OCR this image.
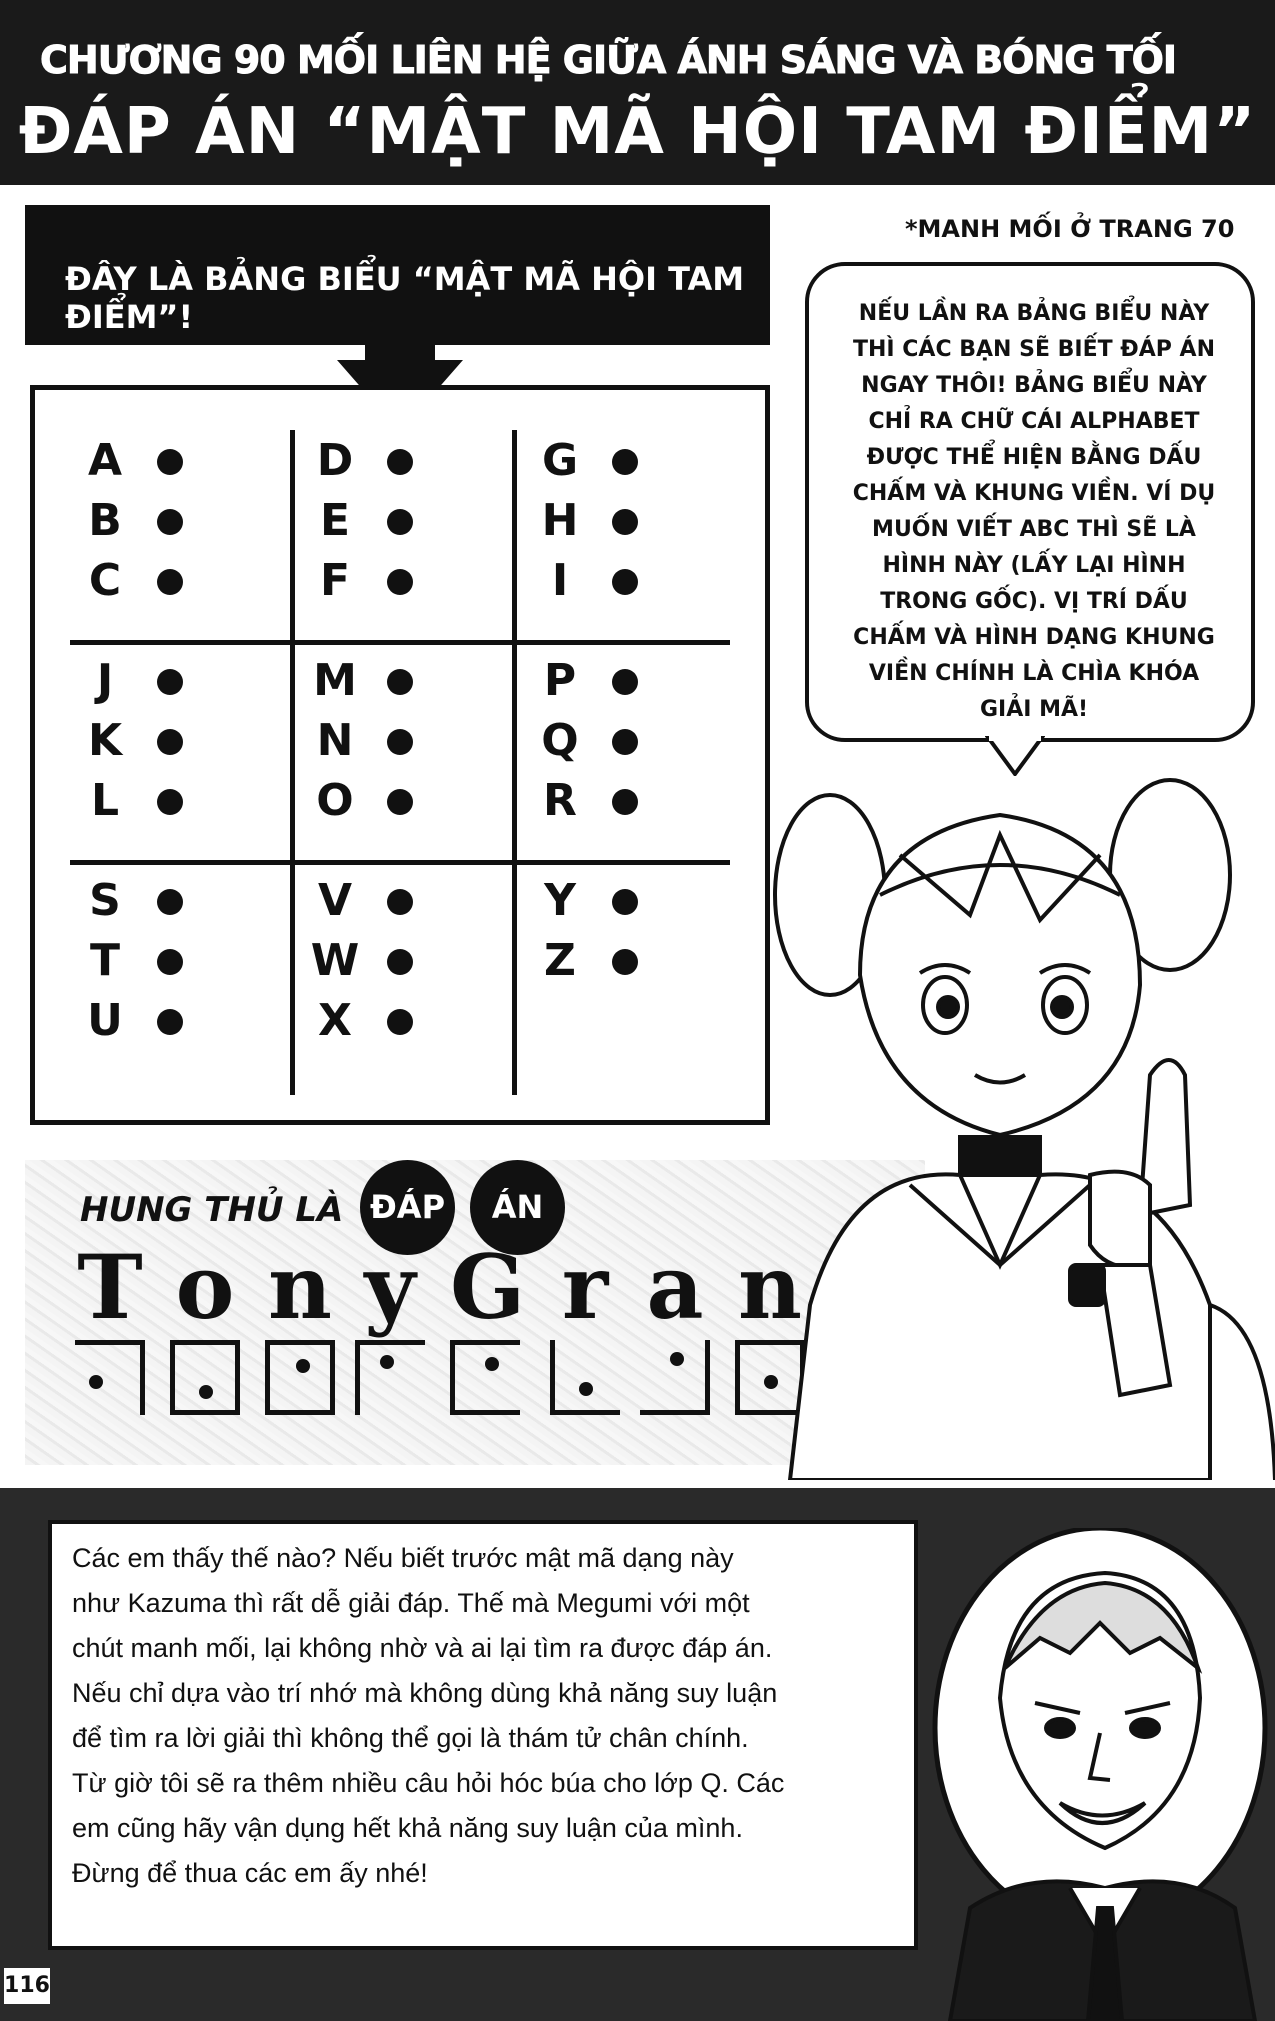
CHƯƠNG 90 MỐI LIÊN HỆ GIỮA ÁNH SÁNG VÀ BÓNG TỐI
ĐÁP ÁN “MẬT MÃ HỘI TAM ĐIỂM”
ĐÂY LÀ BẢNG BIỂU “MẬT MÃ HỘI TAM ĐIỂM”!
*MANH MỐI Ở TRANG 70
A
B
C
D
E
F
G
H
I
J
K
L
M
N
O
P
Q
R
S
T
U
V
W
X
Y
Z
NẾU LẦN RA BẢNG BIỂU NÀY
THÌ CÁC BẠN SẼ BIẾT ĐÁP ÁN
NGAY THÔI! BẢNG BIỂU NÀY
CHỈ RA CHỮ CÁI ALPHABET
ĐƯỢC THỂ HIỆN BẰNG DẤU
CHẤM VÀ KHUNG VIỀN. VÍ DỤ
MUỐN VIẾT ABC THÌ SẼ LÀ
HÌNH NÀY (LẤY LẠI HÌNH
TRONG GỐC). VỊ TRÍ DẤU
CHẤM VÀ HÌNH DẠNG KHUNG
VIỀN CHÍNH LÀ CHÌA KHÓA
GIẢI MÃ!
HUNG THỦ LÀ ĐÁP	ÁN
T o n y G r a n
Các em thấy thế nào? Nếu biết trước mật mã dạng này
như Kazuma thì rất dễ giải đáp. Thế mà Megumi với một
chút manh mối, lại không nhờ và ai lại tìm ra được đáp án.
Nếu chỉ dựa vào trí nhớ mà không dùng khả năng suy luận
để tìm ra lời giải thì không thể gọi là thám tử chân chính.
Từ giờ tôi sẽ ra thêm nhiều câu hỏi hóc búa cho lớp Q. Các
em cũng hãy vận dụng hết khả năng suy luận của mình.
Đừng để thua các em ấy nhé!
116
